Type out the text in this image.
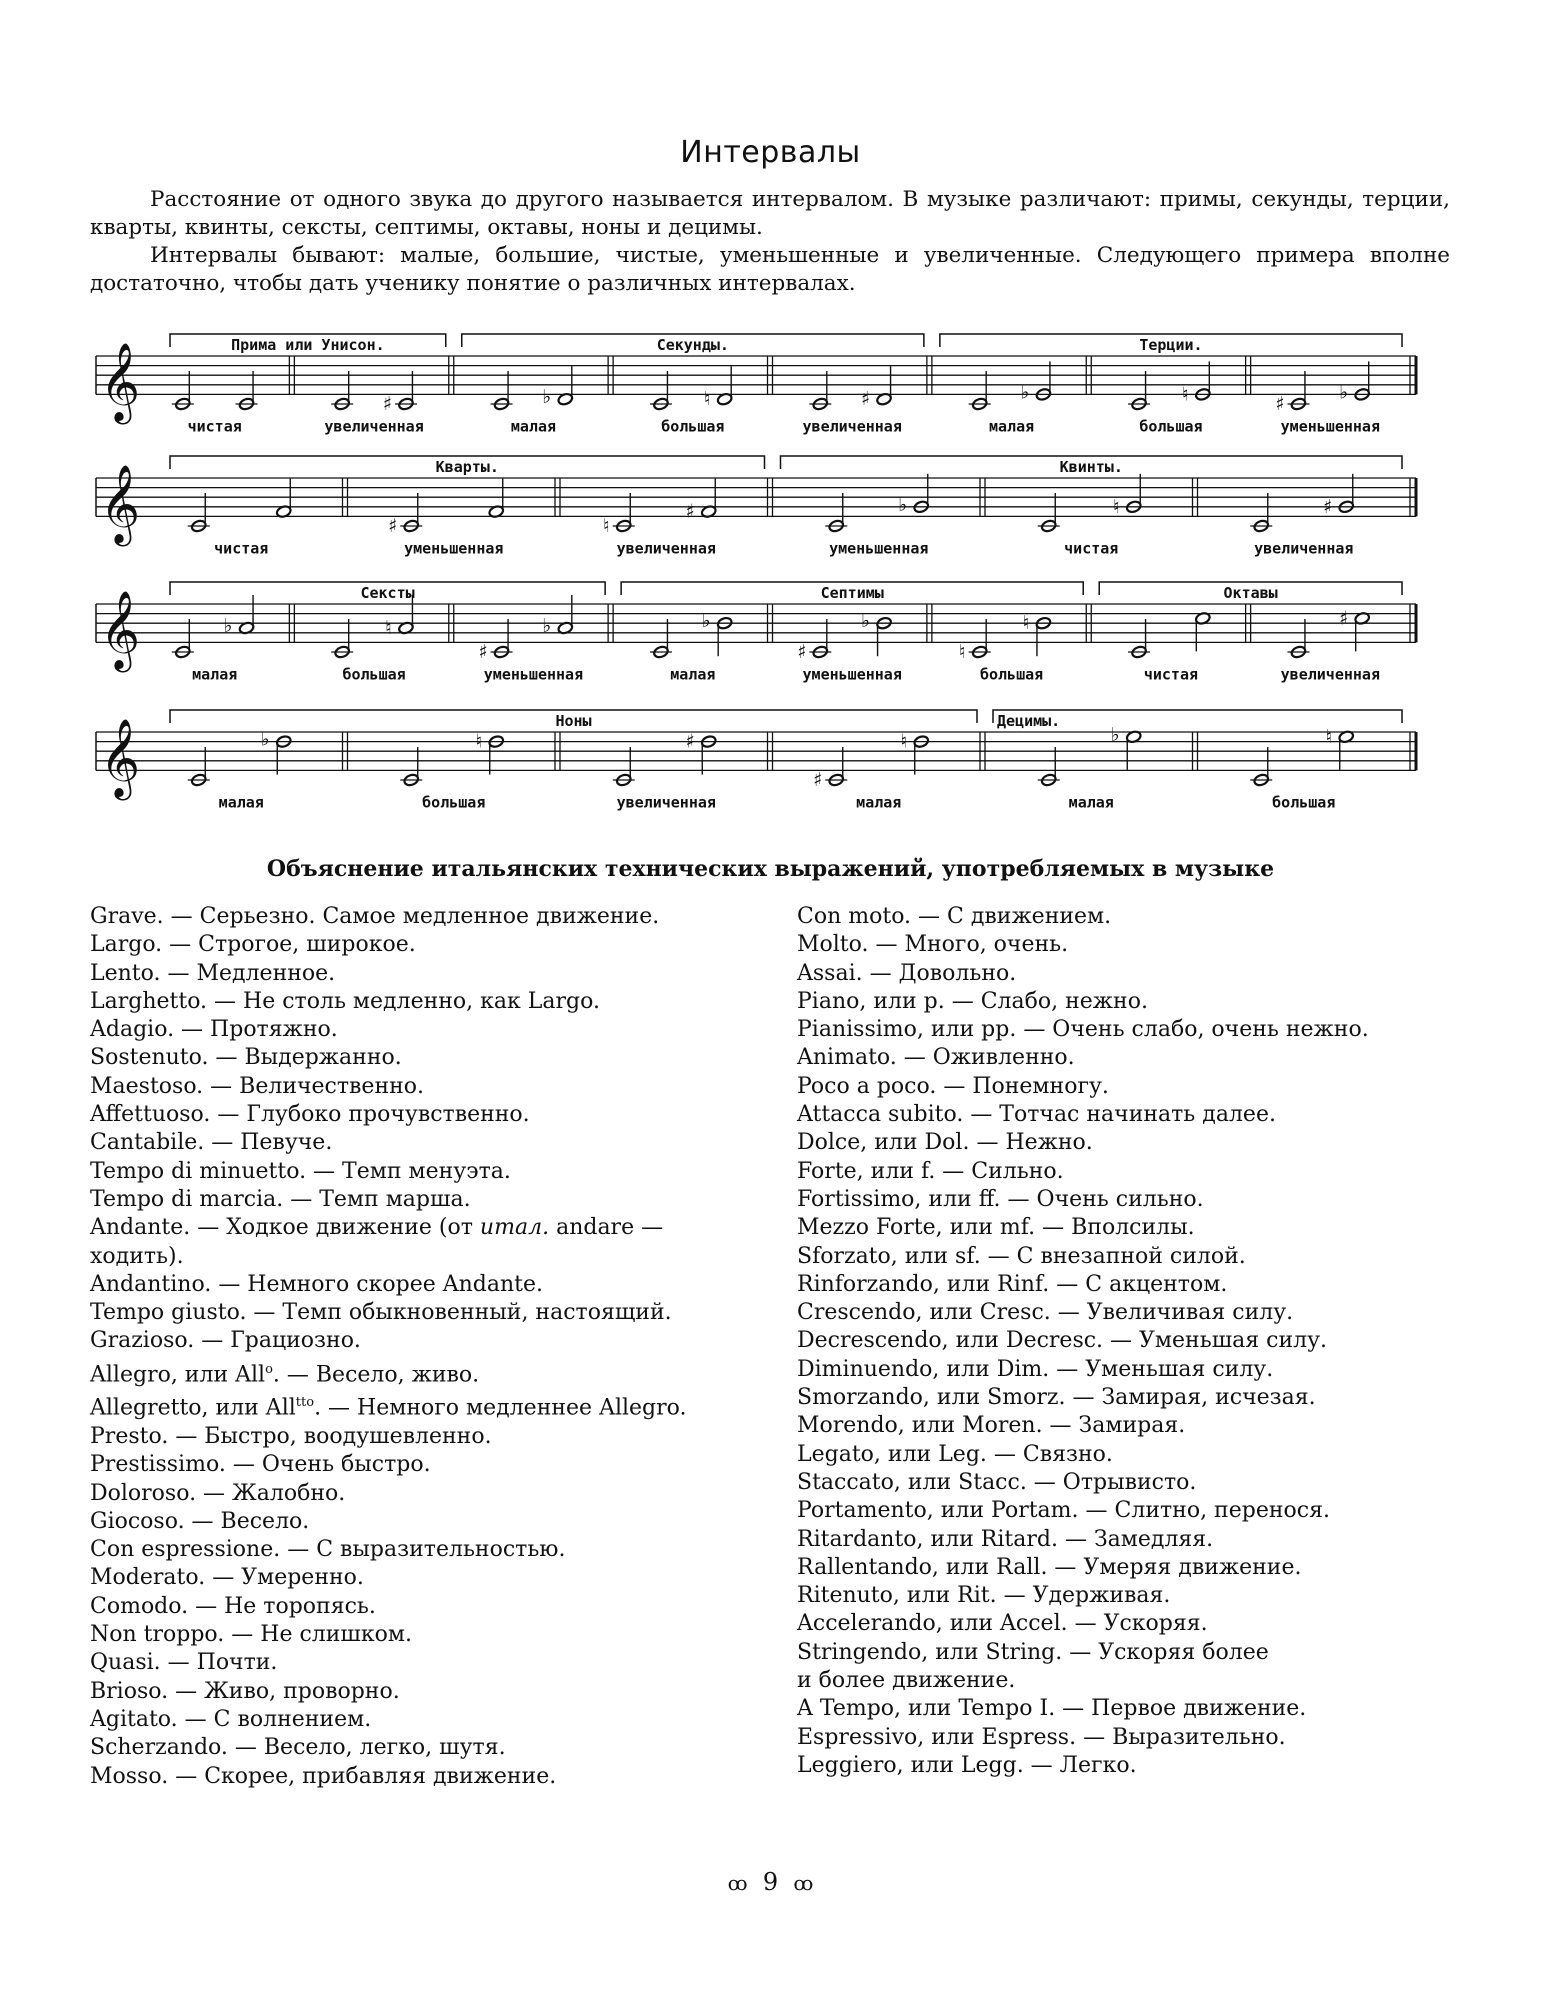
Интервалы

Расстояние от одного звука до другого называется интервалом. В музыке различают: примы, секунды, терции, кварты, квинты, сексты, септимы, октавы, ноны и децимы.

Интервалы бывают: малые, большие, чистые, уменьшенные и увеличенные. Следующего примера вполне достаточно, чтобы дать ученику понятие о различных интервалах.

♯	♭	♮	♯	♭	♮	♯
♭
𝄞
чистая	увеличенная	малая	большая	увеличенная	малая	большая	уменьшенная
Прима или Унисон.	Секунды.	Терции.
♯	♮
♯	♭	♮	♯
𝄞
чистая	уменьшенная	увеличенная	уменьшенная	чистая	увеличенная
Кварты.	Квинты.
♭	♮
♯
♭	♭
♯
♭
♮
♮	♯
𝄞
малая	большая	уменьшенная	малая	уменьшенная	большая	чистая	увеличенная
Сексты	Септимы	Октавы
♭	♮	♯
♯
♮	♭	♮
𝄞
малая	большая	увеличенная	малая	малая	большая
Ноны	Децимы.
Объяснение итальянских технических выражений, употребляемых в музыке
Grave. — Серьезно. Самое медленное движение.
Largo. — Строгое, широкое.
Lento. — Медленное.
Larghetto. — Не столь медленно, как Largo.
Adagio. — Протяжно.
Sostenuto. — Выдержанно.
Maestoso. — Величественно.
Affettuoso. — Глубоко прочувственно.
Cantabile. — Певуче.
Tempo di minuetto. — Темп менуэта.
Tempo di marcia. — Темп марша.
Andante. — Ходкое движение (от итал. andare —
ходить).
Andantino. — Немного скорее Andante.
Tempo giusto. — Темп обыкновенный, настоящий.
Grazioso. — Грациозно.
Allegro, или All$^o$. — Весело, живо.
Allegretto, или All$^{tto}$. — Немного медленнее Allegro.
Presto. — Быстро, воодушевленно.
Prestissimo. — Очень быстро.
Doloroso. — Жалобно.
Giocoso. — Весело.
Con espressione. — С выразительностью.
Moderato. — Умеренно.
Comodo. — Не торопясь.
Non troppo. — Не слишком.
Quasi. — Почти.
Brioso. — Живо, проворно.
Agitato. — С волнением.
Scherzando. — Весело, легко, шутя.
Mosso. — Скорее, прибавляя движение.
Con moto. — С движением.
Molto. — Много, очень.
Assai. — Довольно.
Piano, или p. — Слабо, нежно.
Pianissimo, или pp. — Очень слабо, очень нежно.
Animato. — Оживленно.
Poco a poco. — Понемногу.
Attacca subito. — Тотчас начинать далее.
Dolce, или Dol. — Нежно.
Forte, или f. — Сильно.
Fortissimo, или ff. — Очень сильно.
Mezzo Forte, или mf. — Вполсилы.
Sforzato, или sf. — С внезапной силой.
Rinforzando, или Rinf. — С акцентом.
Crescendo, или Cresc. — Увеличивая силу.
Decrescendo, или Decresc. — Уменьшая силу.
Diminuendo, или Dim. — Уменьшая силу.
Smorzando, или Smorz. — Замирая, исчезая.
Morendo, или Moren. — Замирая.
Legato, или Leg. — Связно.
Staccato, или Stacc. — Отрывисто.
Portamento, или Portam. — Слитно, перенося.
Ritardanto, или Ritard. — Замедляя.
Rallentando, или Rall. — Умеряя движение.
Ritenuto, или Rit. — Удерживая.
Accelerando, или Accel. — Ускоряя.
Stringendo, или String. — Ускоряя более
и более движение.
A Tempo, или Tempo I. — Первое движение.
Espressivo, или Espress. — Выразительно.
Leggiero, или Legg. — Легко.
ꝏ 9 ꝏ
